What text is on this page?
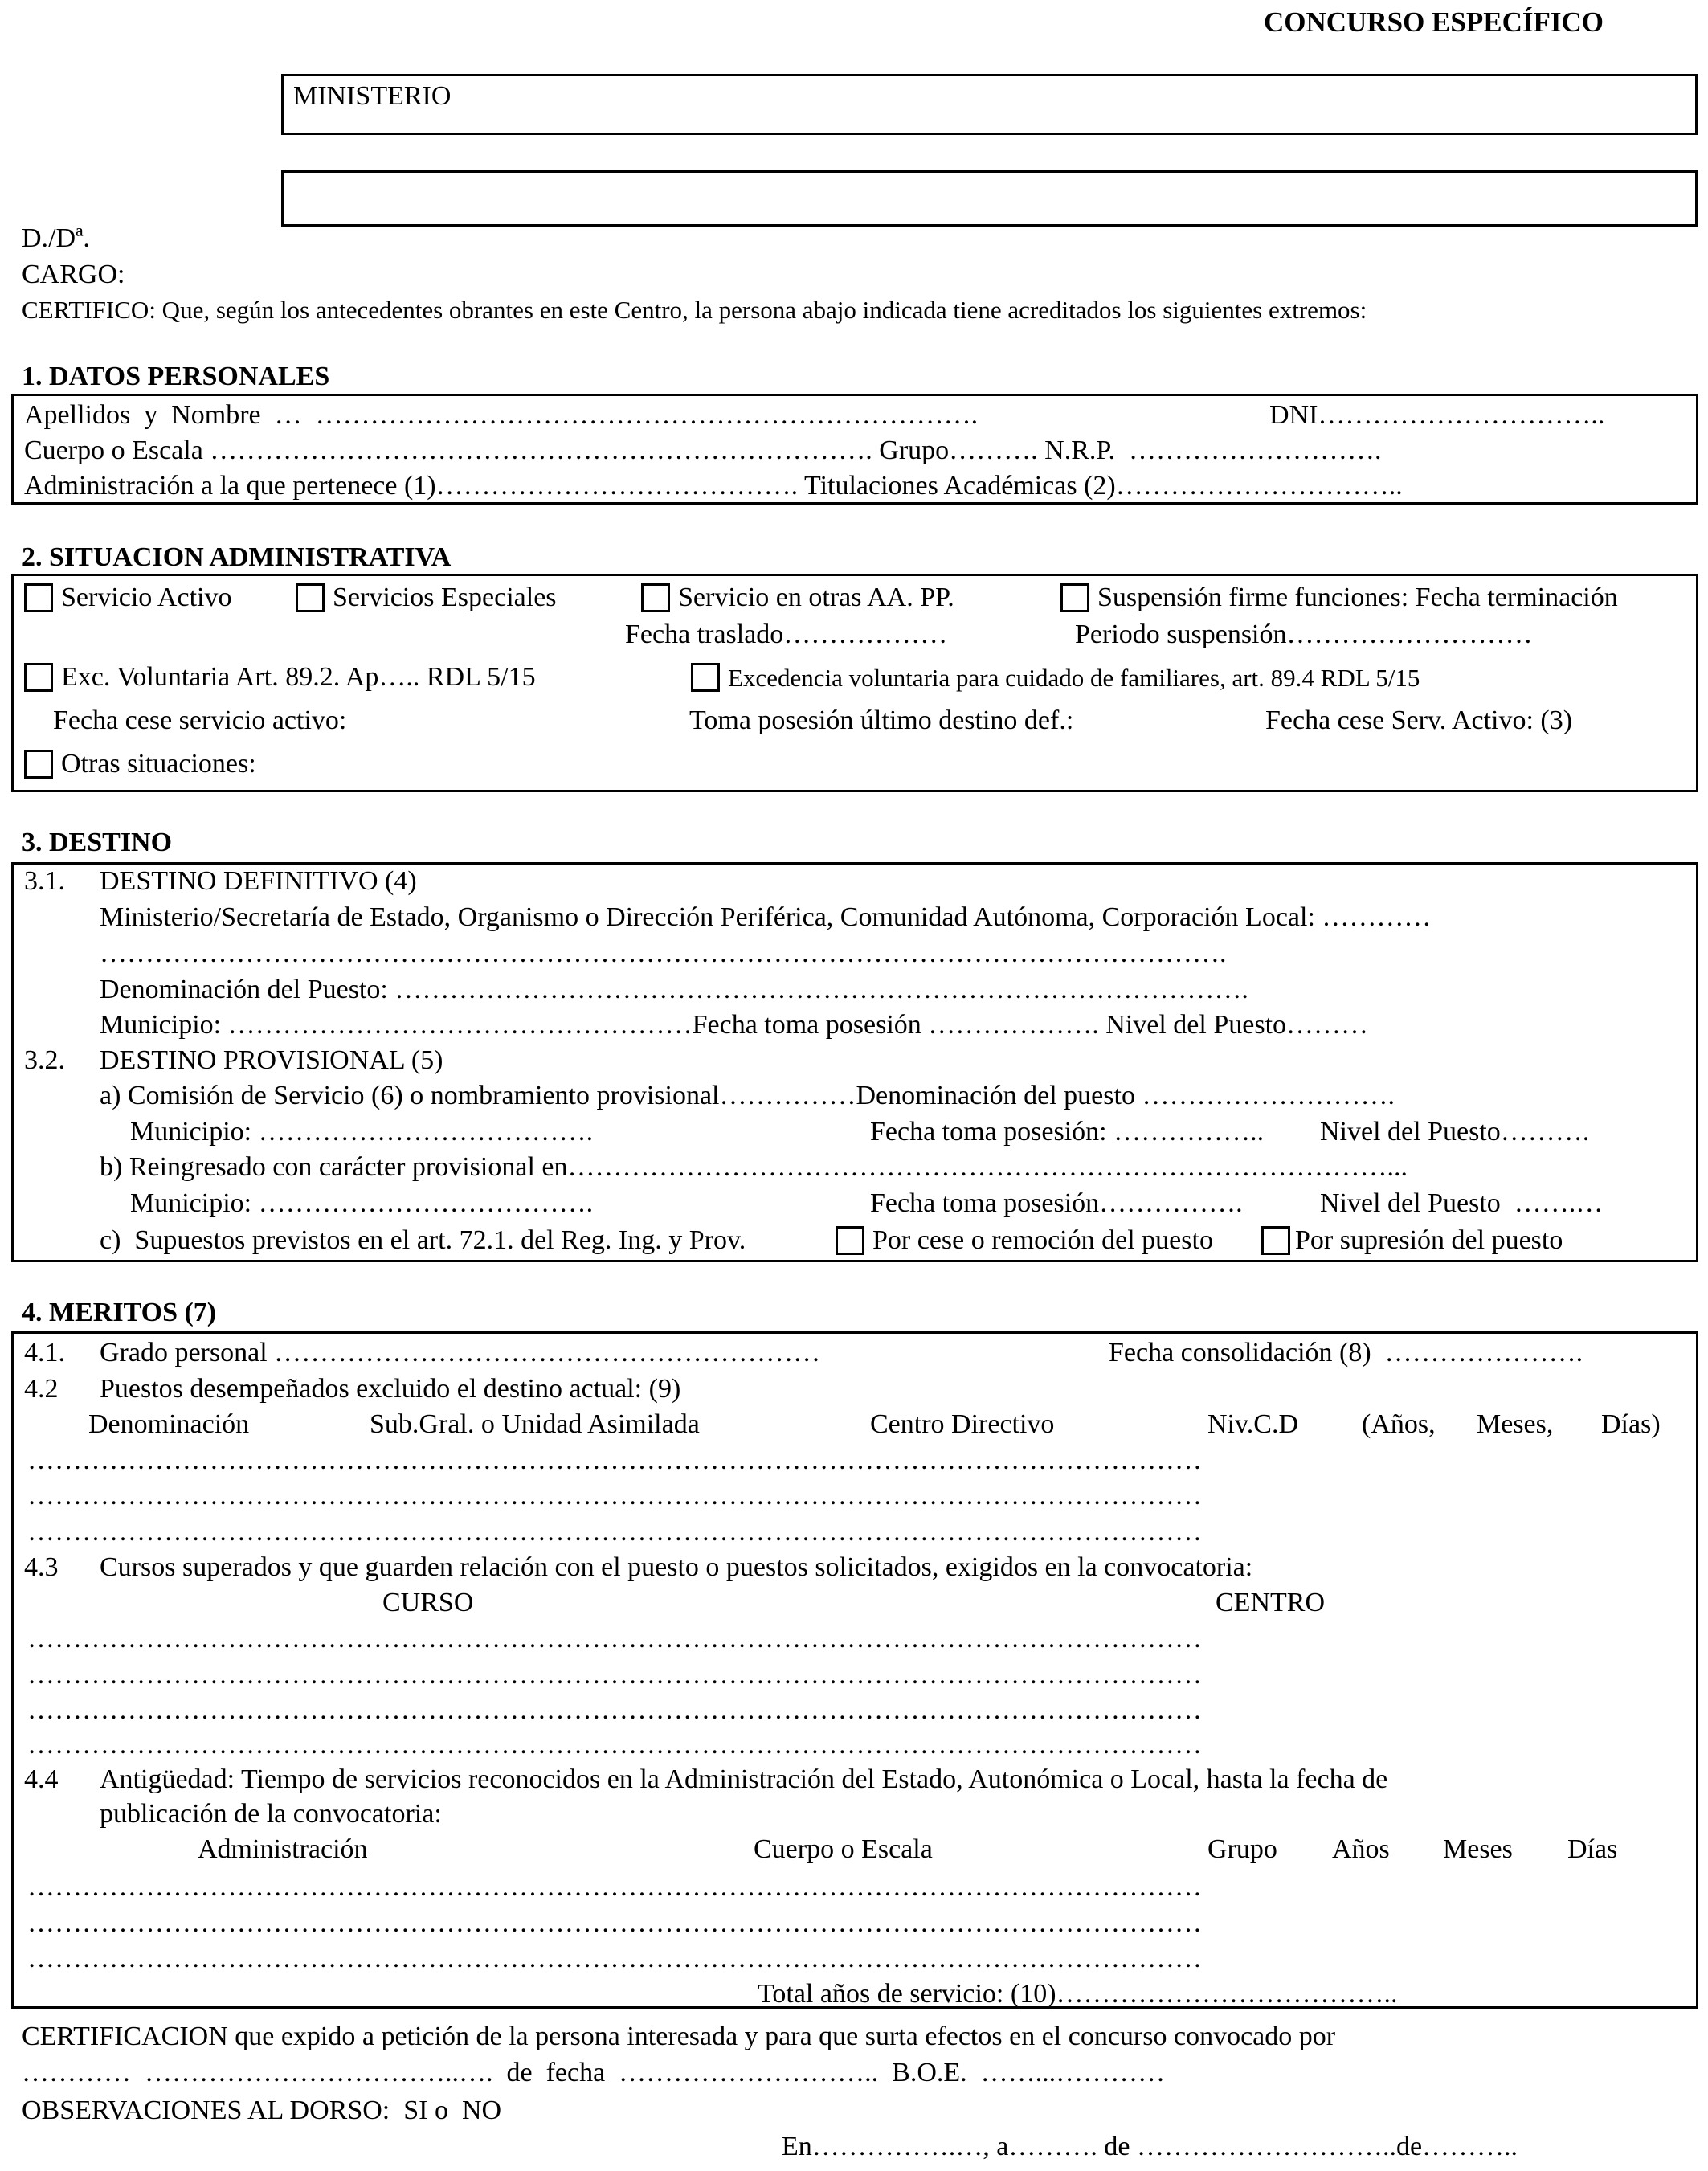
CONCURSO ESPECÍFICO
MINISTERIO
D./Dª.
CARGO:
CERTIFICO: Que, según los antecedentes obrantes en este Centro, la persona abajo indicada tiene acreditados los siguientes extremos:
1. DATOS PERSONALES
Apellidos  y  Nombre  …  ……………………………………………………………….	DNI…………………………..
Cuerpo o Escala ………………………………………………………………. Grupo………. N.R.P.  ……………………….
Administración a la que pertenece (1)…………………………………. Titulaciones Académicas (2)…………………………..
2. SITUACION ADMINISTRATIVA
Servicio Activo	Servicios Especiales	Servicio en otras AA. PP.	Suspensión firme funciones: Fecha terminación
Fecha traslado………………	Periodo suspensión………………………
Exc. Voluntaria Art. 89.2. Ap….. RDL 5/15	Excedencia voluntaria para cuidado de familiares, art. 89.4 RDL 5/15
Fecha cese servicio activo:	Toma posesión último destino def.:	Fecha cese Serv. Activo: (3)
Otras situaciones:
3. DESTINO
3.1. DESTINO DEFINITIVO (4)
Ministerio/Secretaría de Estado, Organismo o Dirección Periférica, Comunidad Autónoma, Corporación Local: …………
…………………………………………………………………………………………………………….
Denominación del Puesto: ………………………………………………………………………………….
Municipio: ……………………………………………Fecha toma posesión ………………. Nivel del Puesto………
3.2. DESTINO PROVISIONAL (5)
a) Comisión de Servicio (6) o nombramiento provisional……………Denominación del puesto ……………………….
Municipio: ……………………………….	Fecha toma posesión: …………….. Nivel del Puesto……….
b) Reingresado con carácter provisional en………………………………………………………………………………...
Municipio: ……………………………….	Fecha toma posesión…………….	Nivel del Puesto  …….…
c)  Supuestos previstos en el art. 72.1. del Reg. Ing. y Prov.	Por cese o remoción del puesto	Por supresión del puesto
4. MERITOS (7)
4.1. Grado personal ……………………………………………………	Fecha consolidación (8)  ………………….
4.2 Puestos desempeñados excluido el destino actual: (9)
Denominación	Sub.Gral. o Unidad Asimilada	Centro Directivo	Niv.C.D (Años, Meses, Días)
…………………………………………………………………………………………………………………
…………………………………………………………………………………………………………………
…………………………………………………………………………………………………………………
4.3 Cursos superados y que guarden relación con el puesto o puestos solicitados, exigidos en la convocatoria:
CURSO	CENTRO
…………………………………………………………………………………………………………………
…………………………………………………………………………………………………………………
…………………………………………………………………………………………………………………
…………………………………………………………………………………………………………………
4.4 Antigüedad: Tiempo de servicios reconocidos en la Administración del Estado, Autonómica o Local, hasta la fecha de
publicación de la convocatoria:
Administración	Cuerpo o Escala	Grupo Años Meses Días
…………………………………………………………………………………………………………………
…………………………………………………………………………………………………………………
…………………………………………………………………………………………………………………
Total años de servicio: (10)………………………………..
CERTIFICACION que expido a petición de la persona interesada y para que surta efectos en el concurso convocado por
…………  ……………………………..….  de  fecha  ………………………..  B.O.E.  ……...…………
OBSERVACIONES AL DORSO:  SI o  NO
En…………….…, a………. de ………………………..de………..
